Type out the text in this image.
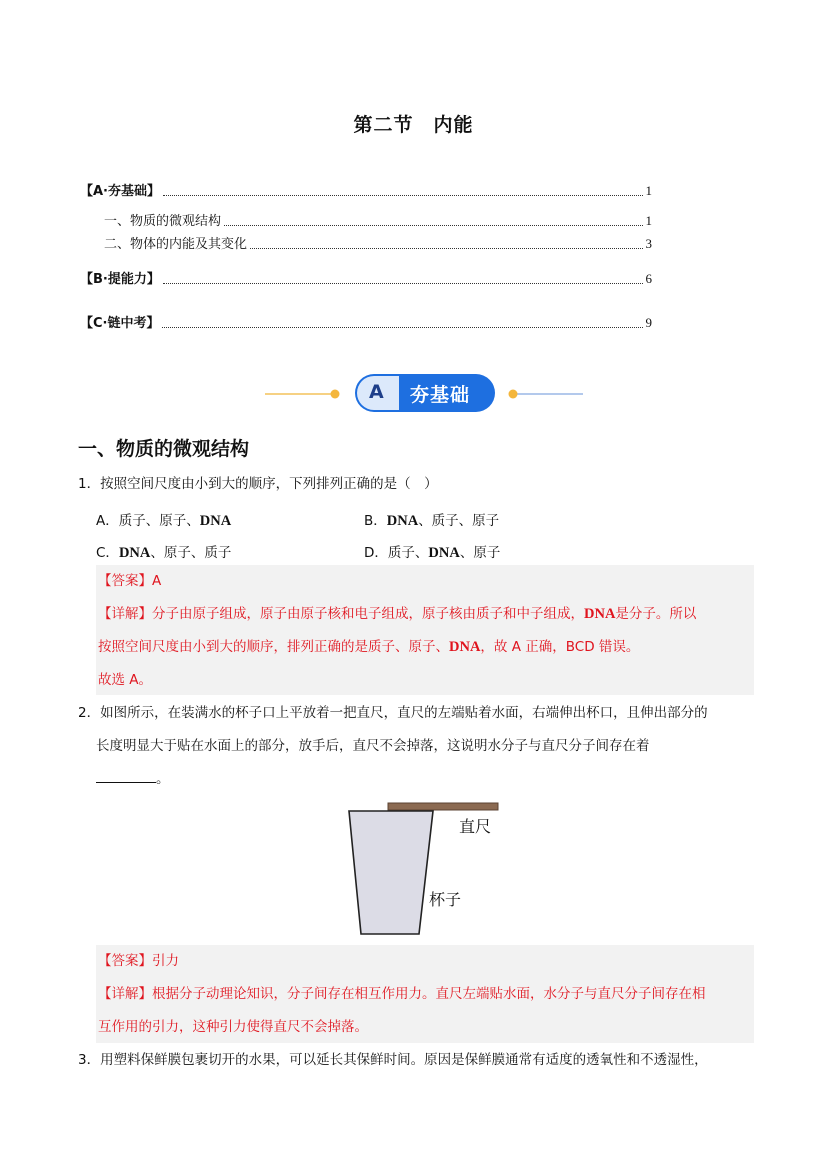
第二节　内能
【A·夯基础】	1
一、物质的微观结构	1
二、物体的内能及其变化	3
【B·提能力】	6
【C·链中考】	9
A 夯基础
一、物质的微观结构
1．按照空间尺度由小到大的顺序，下列排列正确的是（　）
A．质子、原子、DNA	B．DNA、质子、原子
C．DNA、原子、质子	D．质子、DNA、原子
【答案】A
【详解】分子由原子组成，原子由原子核和电子组成，原子核由质子和中子组成，DNA是分子。所以
按照空间尺度由小到大的顺序，排列正确的是质子、原子、DNA，故 A 正确，BCD 错误。
故选 A。
2．如图所示，在装满水的杯子口上平放着一把直尺，直尺的左端贴着水面，右端伸出杯口，且伸出部分的
长度明显大于贴在水面上的部分，放手后，直尺不会掉落，这说明水分子与直尺分子间存在着
。
直尺
杯子
【答案】引力
【详解】根据分子动理论知识，分子间存在相互作用力。直尺左端贴水面，水分子与直尺分子间存在相
互作用的引力，这种引力使得直尺不会掉落。
3．用塑料保鲜膜包裹切开的水果，可以延长其保鲜时间。原因是保鲜膜通常有适度的透氧性和不透湿性，
